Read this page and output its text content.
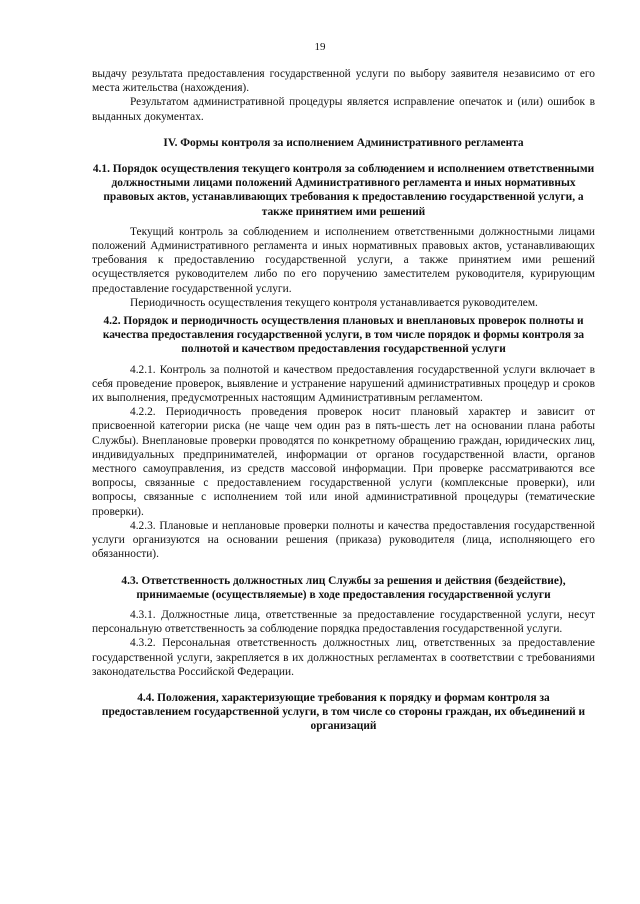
19

выдачу результата предоставления государственной услуги по выбору заявителя независимо от его места жительства (нахождения).

Результатом административной процедуры является исправление опечаток и (или) ошибок в выданных документах.

IV. Формы контроля за исполнением Административного регламента

4.1. Порядок осуществления текущего контроля за соблюдением и исполнением ответственными должностными лицами положений Административного регламента и иных нормативных правовых актов, устанавливающих требования к предоставлению государственной услуги, а также принятием ими решений

Текущий контроль за соблюдением и исполнением ответственными должностными лицами положений Административного регламента и иных нормативных правовых актов, устанавливающих требования к предоставлению государственной услуги, а также принятием ими решений осуществляется руководителем либо по его поручению заместителем руководителя, курирующим предоставление государственной услуги.

Периодичность осуществления текущего контроля устанавливается руководителем.

4.2. Порядок и периодичность осуществления плановых и внеплановых проверок полноты и качества предоставления государственной услуги, в том числе порядок и формы контроля за полнотой и качеством предоставления государственной услуги

4.2.1. Контроль за полнотой и качеством предоставления государственной услуги включает в себя проведение проверок, выявление и устранение нарушений административных процедур и сроков их выполнения, предусмотренных настоящим Административным регламентом.

4.2.2. Периодичность проведения проверок носит плановый характер и зависит от присвоенной категории риска (не чаще чем один раз в пять-шесть лет на основании плана работы Службы). Внеплановые проверки проводятся по конкретному обращению граждан, юридических лиц, индивидуальных предпринимателей, информации от органов государственной власти, органов местного самоуправления, из средств массовой информации. При проверке рассматриваются все вопросы, связанные с предоставлением государственной услуги (комплексные проверки), или вопросы, связанные с исполнением той или иной административной процедуры (тематические проверки).

4.2.3. Плановые и неплановые проверки полноты и качества предоставления государственной услуги организуются на основании решения (приказа) руководителя (лица, исполняющего его обязанности).

4.3. Ответственность должностных лиц Службы за решения и действия (бездействие), принимаемые (осуществляемые) в ходе предоставления государственной услуги

4.3.1. Должностные лица, ответственные за предоставление государственной услуги, несут персональную ответственность за соблюдение порядка предоставления государственной услуги.

4.3.2. Персональная ответственность должностных лиц, ответственных за предоставление государственной услуги, закрепляется в их должностных регламентах в соответствии с требованиями законодательства Российской Федерации.

4.4. Положения, характеризующие требования к порядку и формам контроля за предоставлением государственной услуги, в том числе со стороны граждан, их объединений и организаций
